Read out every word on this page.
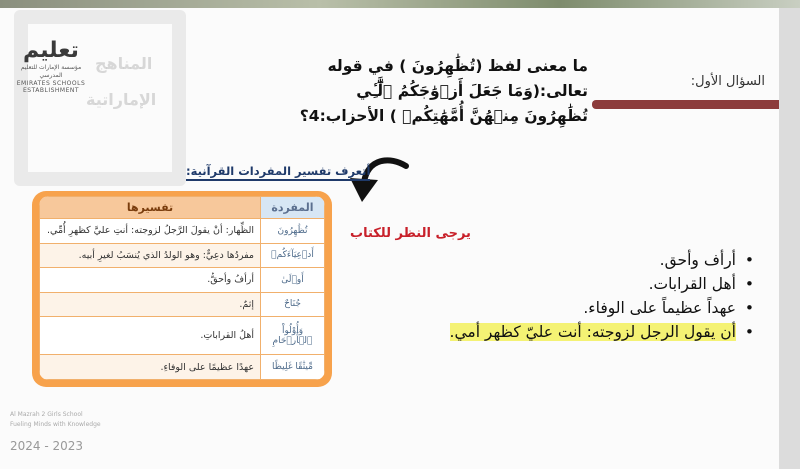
المناهج
الإماراتية
تعليم
مؤسسة الإمارات للتعليم المدرسي
EMIRATES SCHOOLS
ESTABLISHMENT
السؤال الأول:
ما معنى لفظ (تُظَٰهِرُونَ ) في قوله تعالى:(وَمَا جَعَلَ أَزۡوَٰجَكُمُ ٱلَّٰٓـِٔي تُظَٰهِرُونَ مِنۡهُنَّ أُمَّهَٰتِكُمۡ ) الأحزاب:4؟
يرجى النظر للكتاب
أتعرف تفسير المفردات القرآنية:
المفردة	تفسيرها
تُظَٰهِرُونَ	الظِّهار: أنْ يقولَ الرَّجلُ لزوجته: أنتِ عليَّ كظهرِ أُمِّي.
أَدۡعِيَآءَكُمۡ	مفردُها دعِيٌّ: وهو الولدُ الذي يُنسَبُ لغيرِ أبيه.
أَوۡلَىٰ	أرأفُ وأحقُّ.
جُنَاحٌ	إثمٌ.
وَأُوْلُواْ ٱلۡأَرۡحَامِ	أهلُ القراباتِ.
مِّيثَٰقًا غَلِيظًا	عهدًا عظيمًا على الوفاءِ.
• أرأف وأحق.
• أهل القرابات.
• عهداً عظيماً على الوفاء.
• أن يقول الرجل لزوجته: أنت عليّ كظهر أمي.
Al Mazrah 2 Girls School
Fueling Minds with Knowledge
2024 - 2023
